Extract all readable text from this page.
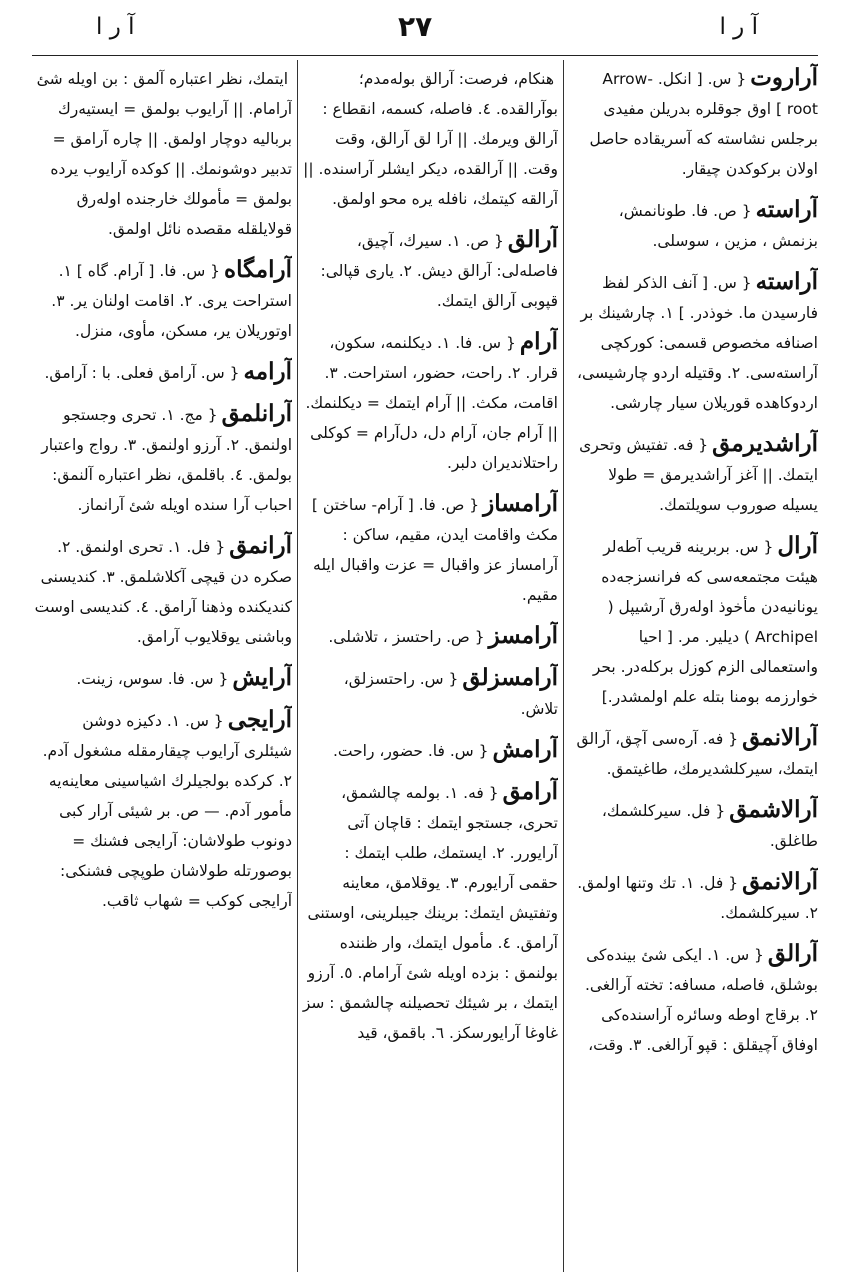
آ ر ا	٢٧	آ ر ا
آراروت{ س. [ انكل. Arrow- root ] اوق جوقلره بدريلن مفيدى برجلس نشاسته كه آسريقاده حاصل اولان بركوكدن چيقار.
آراسته{ ص. فا. طونانمش، بزنمش ، مزين ، سوسلى.
آراسته{ س. [ آنف الذكر لفظ فارسيدن ما. خوذدر. ] ١. چارشينك بر اصنافه مخصوص قسمى: كوركچى آراسته‌سى. ٢. وقتيله اردو چارشيسى، اردوكاهده قوريلان سيار چارشى.
آراشديرمق{ فه. تفتيش وتحرى ايتمك. || آغز آراشديرمق = طولا يسيله صوروب سويلتمك.
آرال{ س. بربرينه قريب آطه‌لر هيئت مجتمعه‌سى كه فرانسزجه‌ده يونانيه‌دن مأخوذ اوله‌رق آرشيپل ( Archipel ) ديلير. مر. [ احيا واستعمالى الزم كوزل بركله‌در. بحر خوارزمه بومنا بتله علم اولمشدر.]
آرالانمق{ فه. آره‌سى آچق، آرالق ايتمك، سيركلشديرمك، طاغيتمق.
آرالاشمق{ فل. سيركلشمك، طاغلق.
آرالانمق{ فل. ١. تك وتنها اولمق. ٢. سيركلشمك.
آرالق{ س. ١. ايكى شئ بينده‌كى بوشلق، فاصله، مسافه: تخته آرالغى. ٢. برقاج اوطه وسائره آراسنده‌كى اوفاق آچيقلق : قپو آرالغى. ٣. وقت،
هنكام، فرصت: آرالق بوله‌مدم؛ بوآرالقده. ٤. فاصله، كسمه، انقطاع : آرالق ويرمك. || آرا لق آرالق، وقت وقت. || آرالقده، ديكر ايشلر آراسنده. || آرالقه كيتمك، نافله يره محو اولمق.
آرالق{ ص. ١. سيرك، آچيق، فاصله‌لى: آرالق ديش. ٢. يارى قپالى: قپوبى آرالق ايتمك.
آرام{ س. فا. ١. ديكلنمه، سكون، قرار. ٢. راحت، حضور، استراحت. ٣. اقامت، مكث. || آرام ايتمك = ديكلنمك. || آرام جان، آرام دل، دل‌آرام = كوكلى راحتلانديران دلبر.
آرامساز{ ص. فا. [ آرام- ساختن ] مكث واقامت ايدن، مقيم، ساكن : آرامساز عز واقبال = عزت واقبال ايله مقيم.
آرامسز{ ص. راحتسز ، تلاشلى.
آرامسزلق{ س. راحتسزلق، تلاش.
آرامش{ س. فا. حضور، راحت.
آرامق{ فه. ١. بولمه چالشمق، تحرى، جستجو ايتمك : قاچان آتى آرايورر. ٢. ايستمك، طلب ايتمك : حقمى آرايورم. ٣. يوقلامق، معاينه وتفتيش ايتمك: برينك جيبلرينى، اوستنى آرامق. ٤. مأمول ايتمك، وار ظننده بولنمق : بزده اويله شئ آرامام. ٥. آرزو ايتمك ، بر شيئك تحصيلنه چالشمق : سز غاوغا آرايورسكز. ٦. باقمق، قيد
ايتمك، نظر اعتباره آلمق : بن اويله شئ آرامام. || آرايوب بولمق = ايستيه‌رك برباليه دوچار اولمق. || چاره آرامق = تدبير دوشونمك. || كوكده آرايوب يرده بولمق = مأمولك خارجنده اوله‌رق قولايلقله مقصده نائل اولمق.
آرامگاه{ س. فا. [ آرام. گاه ] ١. استراحت يرى. ٢. اقامت اولنان ير. ٣. اوتوريلان ير، مسكن، مأوى، منزل.
آرامه{ س. آرامق فعلى. با : آرامق.
آرانلمق{ مج. ١. تحرى وجستجو اولنمق. ٢. آرزو اولنمق. ٣. رواج واعتبار بولمق. ٤. باقلمق، نظر اعتباره آلنمق: احباب آرا سنده اويله شئ آرانماز.
آرانمق{ فل. ١. تحرى اولنمق. ٢. صكره دن قيچى آكلاشلمق. ٣. كنديسنى كنديكنده وذهنا آرامق. ٤. كنديسى اوست وباشنى يوقلايوب آرامق.
آرايش{ س. فا. سوس، زينت.
آرايجى{ س. ١. دكيزه دوشن شيئلرى آرايوب چيقارمقله مشغول آدم. ٢. كركده بولجيلرك اشياسينى معاينه‌يه مأمور آدم. — ص. بر شيئى آرار كبى دونوب طولاشان: آرايجى فشنك = بوصورتله طولاشان طوپچى فشنكى: آرايجى كوكب = شهاب ثاقب.
